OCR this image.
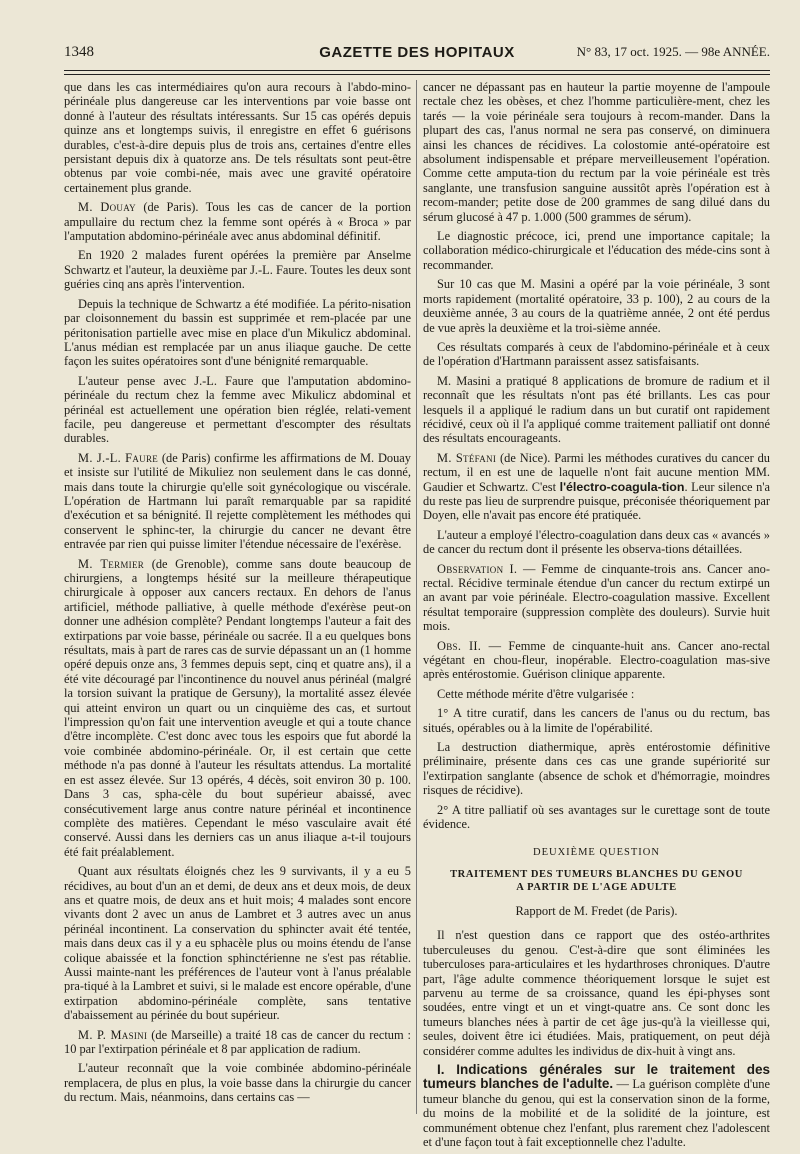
1348	GAZETTE DES HOPITAUX	N° 83, 17 oct. 1925. — 98e ANNÉE.

que dans les cas intermédiaires qu'on aura recours à l'abdo-mino-périnéale plus dangereuse car les interventions par voie basse ont donné à l'auteur des résultats intéressants. Sur 15 cas opérés depuis quinze ans et longtemps suivis, il enregistre en effet 6 guérisons durables, c'est-à-dire depuis plus de trois ans, certaines d'entre elles persistant depuis dix à quatorze ans. De tels résultats sont peut-être obtenus par voie combi-née, mais avec une gravité opératoire certainement plus grande.

M. Douay (de Paris). Tous les cas de cancer de la portion ampullaire du rectum chez la femme sont opérés à « Broca » par l'amputation abdomino-périnéale avec anus abdominal définitif.

En 1920 2 malades furent opérées la première par Anselme Schwartz et l'auteur, la deuxième par J.-L. Faure. Toutes les deux sont guéries cinq ans après l'intervention.

Depuis la technique de Schwartz a été modifiée. La périto-nisation par cloisonnement du bassin est supprimée et rem-placée par une péritonisation partielle avec mise en place d'un Mikulicz abdominal. L'anus médian est remplacée par un anus iliaque gauche. De cette façon les suites opératoires sont d'une bénignité remarquable.

L'auteur pense avec J.-L. Faure que l'amputation abdomino-périnéale du rectum chez la femme avec Mikulicz abdominal et périnéal est actuellement une opération bien réglée, relati-vement facile, peu dangereuse et permettant d'escompter des résultats durables.

M. J.-L. Faure (de Paris) confirme les affirmations de M. Douay et insiste sur l'utilité de Mikuliez non seulement dans le cas donné, mais dans toute la chirurgie qu'elle soit gynécologique ou viscérale. L'opération de Hartmann lui paraît remarquable par sa rapidité d'exécution et sa bénignité. Il rejette complètement les méthodes qui conservent le sphinc-ter, la chirurgie du cancer ne devant être entravée par rien qui puisse limiter l'étendue nécessaire de l'exérèse.

M. Termier (de Grenoble), comme sans doute beaucoup de chirurgiens, a longtemps hésité sur la meilleure thérapeutique chirurgicale à opposer aux cancers rectaux. En dehors de l'anus artificiel, méthode palliative, à quelle méthode d'exérèse peut-on donner une adhésion complète? Pendant longtemps l'auteur a fait des extirpations par voie basse, périnéale ou sacrée. Il a eu quelques bons résultats, mais à part de rares cas de survie dépassant un an (1 homme opéré depuis onze ans, 3 femmes depuis sept, cinq et quatre ans), il a été vite découragé par l'incontinence du nouvel anus périnéal (malgré la torsion suivant la pratique de Gersuny), la mortalité assez élevée qui atteint environ un quart ou un cinquième des cas, et surtout l'impression qu'on fait une intervention aveugle et qui a toute chance d'être incomplète. C'est donc avec tous les espoirs que fut abordé la voie combinée abdomino-périnéale. Or, il est certain que cette méthode n'a pas donné à l'auteur les résultats attendus. La mortalité en est assez élevée. Sur 13 opérés, 4 décès, soit environ 30 p. 100. Dans 3 cas, spha-cèle du bout supérieur abaissé, avec consécutivement large anus contre nature périnéal et incontinence complète des matières. Cependant le méso vasculaire avait été conservé. Aussi dans les derniers cas un anus iliaque a-t-il toujours été fait préalablement.

Quant aux résultats éloignés chez les 9 survivants, il y a eu 5 récidives, au bout d'un an et demi, de deux ans et deux mois, de deux ans et quatre mois, de deux ans et huit mois; 4 malades sont encore vivants dont 2 avec un anus de Lambret et 3 autres avec un anus périnéal incontinent. La conservation du sphincter avait été tentée, mais dans deux cas il y a eu sphacèle plus ou moins étendu de l'anse colique abaissée et la fonction sphinctérienne ne s'est pas rétablie. Aussi mainte-nant les préférences de l'auteur vont à l'anus préalable pra-tiqué à la Lambret et suivi, si le malade est encore opérable, d'une extirpation abdomino-périnéale complète, sans tentative d'abaissement au périnée du bout supérieur.

M. P. Masini (de Marseille) a traité 18 cas de cancer du rectum : 10 par l'extirpation périnéale et 8 par application de radium.

L'auteur reconnaît que la voie combinée abdomino-périnéale remplacera, de plus en plus, la voie basse dans la chirurgie du cancer du rectum. Mais, néanmoins, dans certains cas —

cancer ne dépassant pas en hauteur la partie moyenne de l'ampoule rectale chez les obèses, et chez l'homme particulière-ment, chez les tarés — la voie périnéale sera toujours à recom-mander. Dans la plupart des cas, l'anus normal ne sera pas conservé, on diminuera ainsi les chances de récidives. La colostomie anté-opératoire est absolument indispensable et prépare merveilleusement l'opération. Comme cette amputa-tion du rectum par la voie périnéale est très sanglante, une transfusion sanguine aussitôt après l'opération est à recom-mander; petite dose de 200 grammes de sang dilué dans du sérum glucosé à 47 p. 1.000 (500 grammes de sérum).

Le diagnostic précoce, ici, prend une importance capitale; la collaboration médico-chirurgicale et l'éducation des méde-cins sont à recommander.

Sur 10 cas que M. Masini a opéré par la voie périnéale, 3 sont morts rapidement (mortalité opératoire, 33 p. 100), 2 au cours de la deuxième année, 3 au cours de la quatrième année, 2 ont été perdus de vue après la deuxième et la troi-sième année.

Ces résultats comparés à ceux de l'abdomino-périnéale et à ceux de l'opération d'Hartmann paraissent assez satisfaisants.

M. Masini a pratiqué 8 applications de bromure de radium et il reconnaît que les résultats n'ont pas été brillants. Les cas pour lesquels il a appliqué le radium dans un but curatif ont rapidement récidivé, ceux où il l'a appliqué comme traitement palliatif ont donné des résultats encourageants.

M. Stéfani (de Nice). Parmi les méthodes curatives du cancer du rectum, il en est une de laquelle n'ont fait aucune mention MM. Gaudier et Schwartz. C'est l'électro-coagula-tion. Leur silence n'a du reste pas lieu de surprendre puisque, préconisée théoriquement par Doyen, elle n'avait pas encore été pratiquée.

L'auteur a employé l'électro-coagulation dans deux cas « avancés » de cancer du rectum dont il présente les observa-tions détaillées.

Observation I. — Femme de cinquante-trois ans. Cancer ano-rectal. Récidive terminale étendue d'un cancer du rectum extirpé un an avant par voie périnéale. Electro-coagulation massive. Excellent résultat temporaire (suppression complète des douleurs). Survie huit mois.

Obs. II. — Femme de cinquante-huit ans. Cancer ano-rectal végétant en chou-fleur, inopérable. Electro-coagulation mas-sive après entérostomie. Guérison clinique apparente.

Cette méthode mérite d'être vulgarisée :

1° A titre curatif, dans les cancers de l'anus ou du rectum, bas situés, opérables ou à la limite de l'opérabilité.

La destruction diathermique, après entérostomie définitive préliminaire, présente dans ces cas une grande supériorité sur l'extirpation sanglante (absence de schok et d'hémorragie, moindres risques de récidive).

2° A titre palliatif où ses avantages sur le curettage sont de toute évidence.

DEUXIÈME QUESTION
TRAITEMENT DES TUMEURS BLANCHES DU GENOU
A PARTIR DE L'AGE ADULTE
Rapport de M. Fredet (de Paris).

Il n'est question dans ce rapport que des ostéo-arthrites tuberculeuses du genou. C'est-à-dire que sont éliminées les tuberculoses para-articulaires et les hydarthroses chroniques. D'autre part, l'âge adulte commence théoriquement lorsque le sujet est parvenu au terme de sa croissance, quand les épi-physes sont soudées, entre vingt et un et vingt-quatre ans. Ce sont donc les tumeurs blanches nées à partir de cet âge jus-qu'à la vieillesse qui, seules, doivent être ici étudiées. Mais, pratiquement, on peut déjà considérer comme adultes les individus de dix-huit à vingt ans.

I. Indications générales sur le traitement des tumeurs blanches de l'adulte. — La guérison complète d'une tumeur blanche du genou, qui est la conservation sinon de la forme, du moins de la mobilité et de la solidité de la jointure, est communément obtenue chez l'enfant, plus rarement chez l'adolescent et d'une façon tout à fait exceptionnelle chez l'adulte.
